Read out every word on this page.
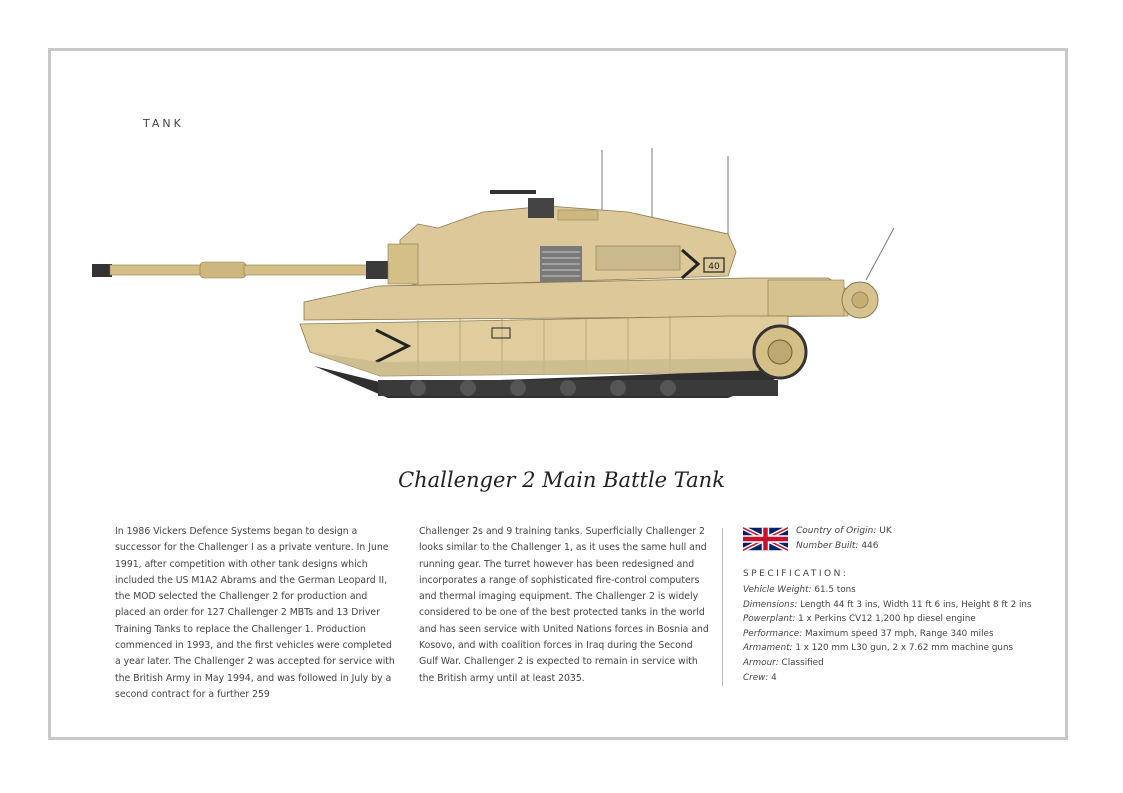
TANK
40
Challenger 2 Main Battle Tank
In 1986 Vickers Defence Systems began to design a successor for the Challenger I as a private venture. In June 1991, after competition with other tank designs which included the US M1A2 Abrams and the German Leopard II, the MOD selected the Challenger 2 for production and placed an order for 127 Challenger 2 MBTs and 13 Driver Training Tanks to replace the Challenger 1. Production commenced in 1993, and the first vehicles were completed a year later. The Challenger 2 was accepted for service with the British Army in May 1994, and was followed in July by a second contract for a further 259
Challenger 2s and 9 training tanks. Superficially Challenger 2 looks similar to the Challenger 1, as it uses the same hull and running gear. The turret however has been redesigned and incorporates a range of sophisticated fire-control computers and thermal imaging equipment. The Challenger 2 is widely considered to be one of the best protected tanks in the world and has seen service with United Nations forces in Bosnia and Kosovo, and with coalition forces in Iraq during the Second Gulf War. Challenger 2 is expected to remain in service with the British army until at least 2035.
Country of Origin: UK
Number Built: 446
SPECIFICATION:
Vehicle Weight: 61.5 tons
Dimensions: Length 44 ft 3 ins, Width 11 ft 6 ins, Height 8 ft 2 ins
Powerplant: 1 x Perkins CV12 1,200 hp diesel engine
Performance: Maximum speed 37 mph, Range 340 miles
Armament: 1 x 120 mm L30 gun, 2 x 7.62 mm machine guns
Armour: Classified
Crew: 4
